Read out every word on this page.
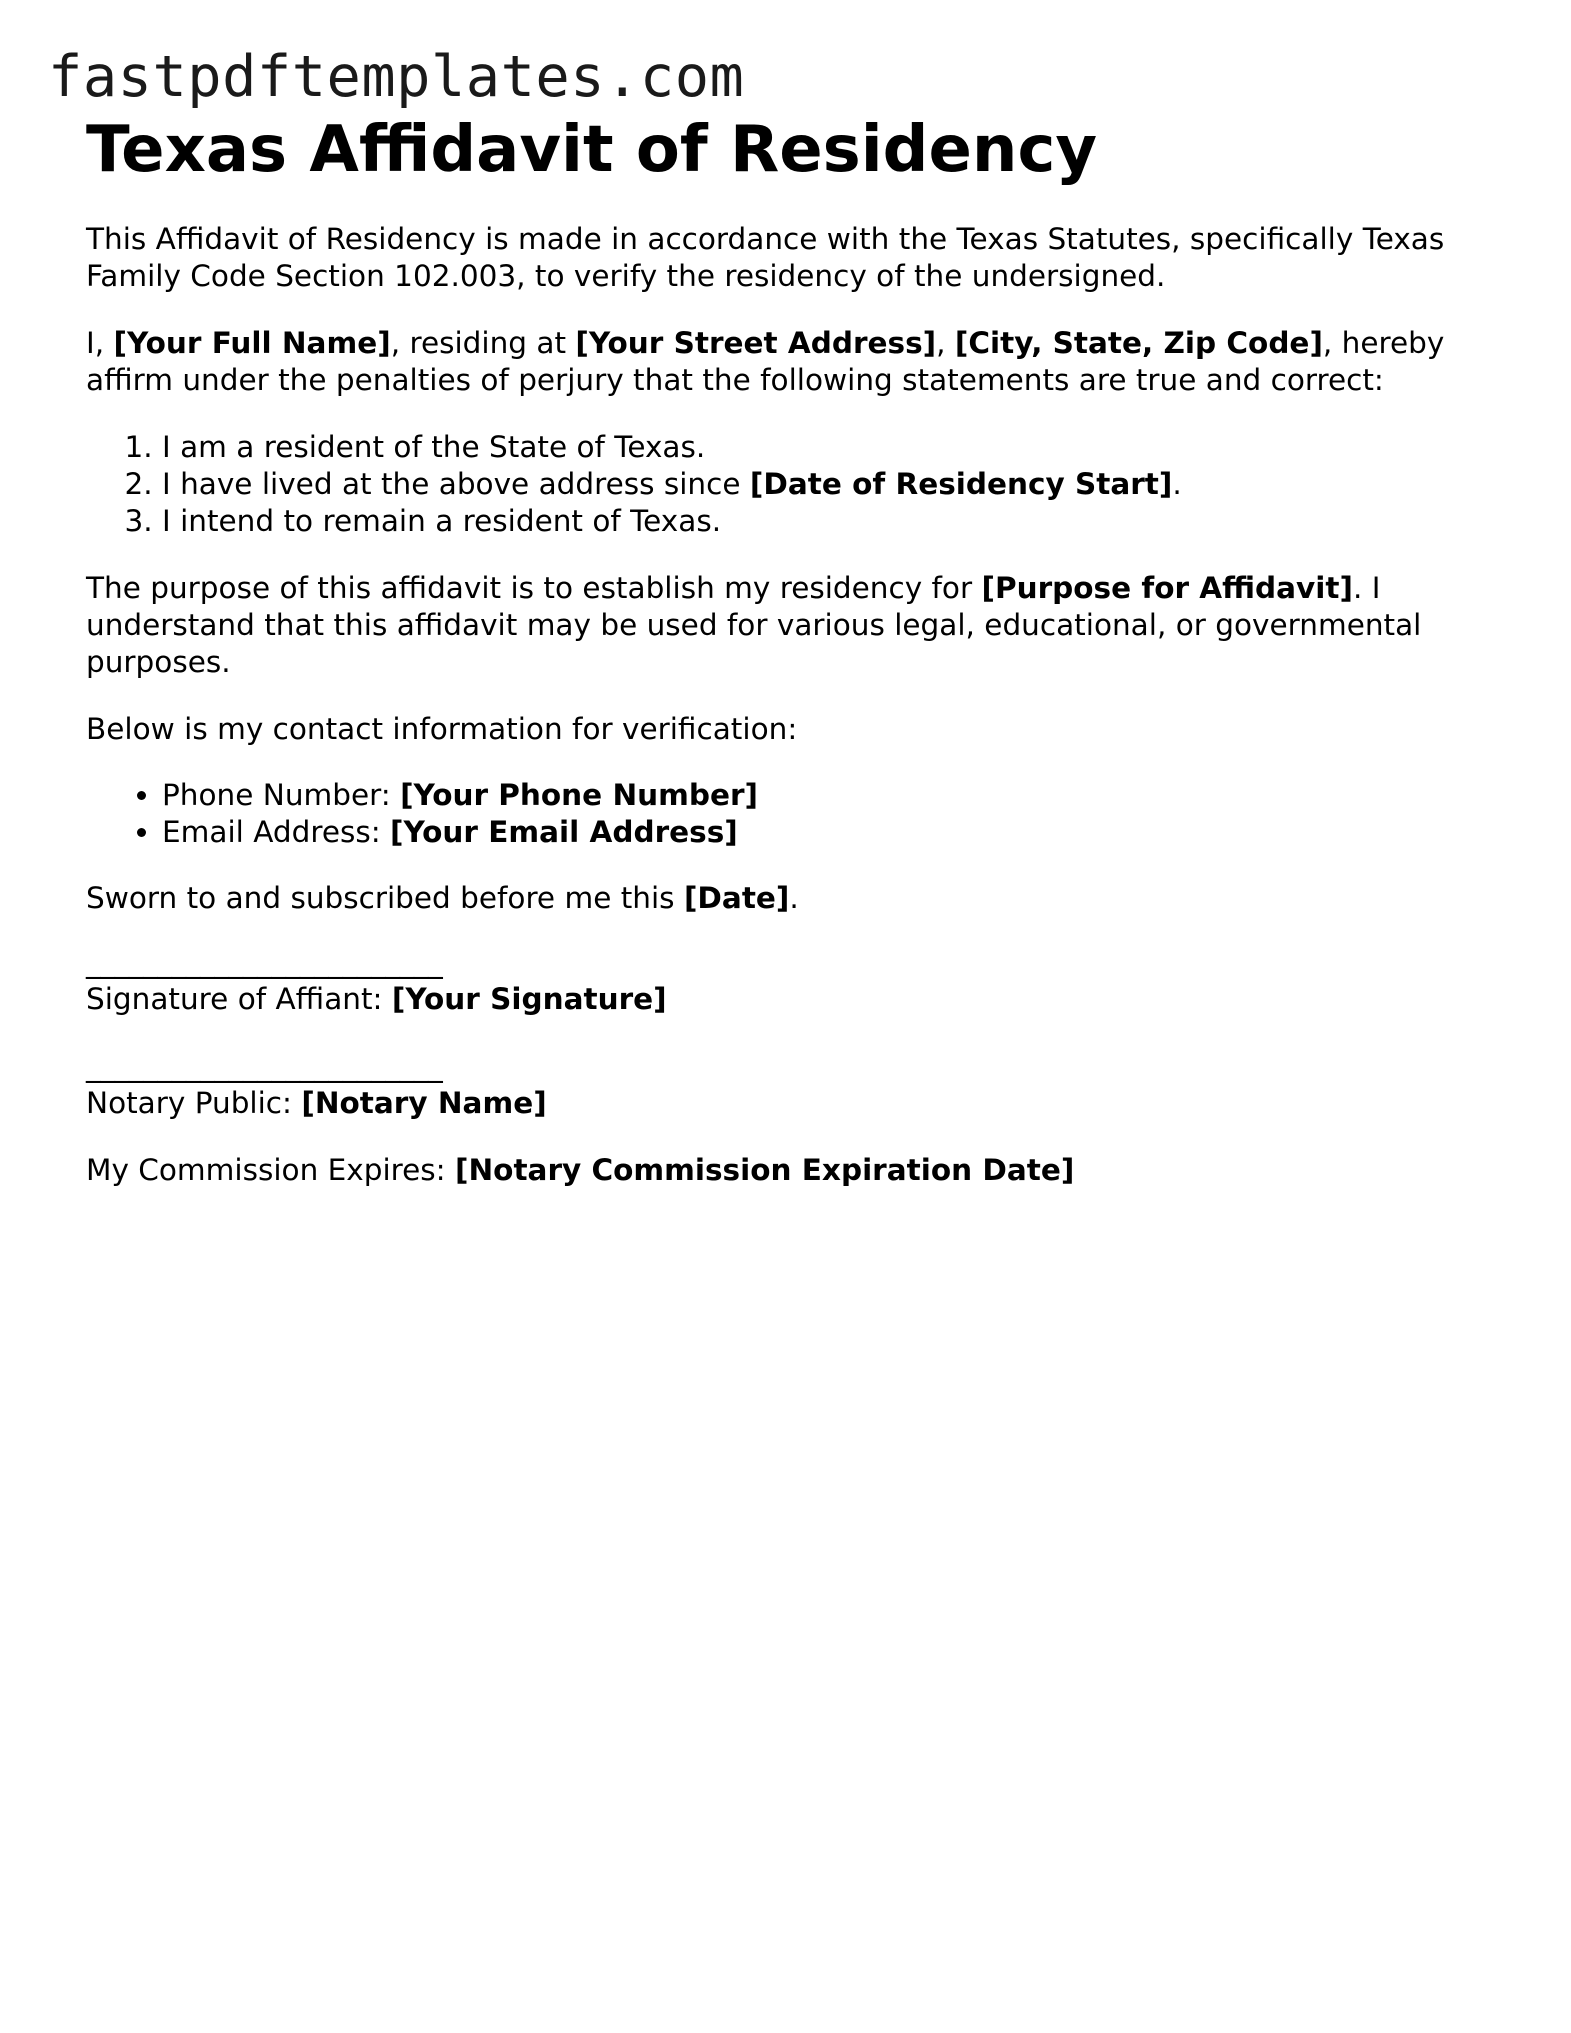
fastpdftemplates.com
Texas Affidavit of Residency

This Affidavit of Residency is made in accordance with the Texas Statutes, specifically Texas Family Code Section 102.003, to verify the residency of the undersigned.

I, [Your Full Name], residing at [Your Street Address], [City, State, Zip Code], hereby affirm under the penalties of perjury that the following statements are true and correct:

1. I am a resident of the State of Texas.
2. I have lived at the above address since [Date of Residency Start].
3. I intend to remain a resident of Texas.

The purpose of this affidavit is to establish my residency for [Purpose for Affidavit]. I understand that this affidavit may be used for various legal, educational, or governmental purposes.

Below is my contact information for verification:

• Phone Number: [Your Phone Number]
• Email Address: [Your Email Address]

Sworn to and subscribed before me this [Date].

_________________________

Signature of Affiant: [Your Signature]

_________________________

Notary Public: [Notary Name]

My Commission Expires: [Notary Commission Expiration Date]
